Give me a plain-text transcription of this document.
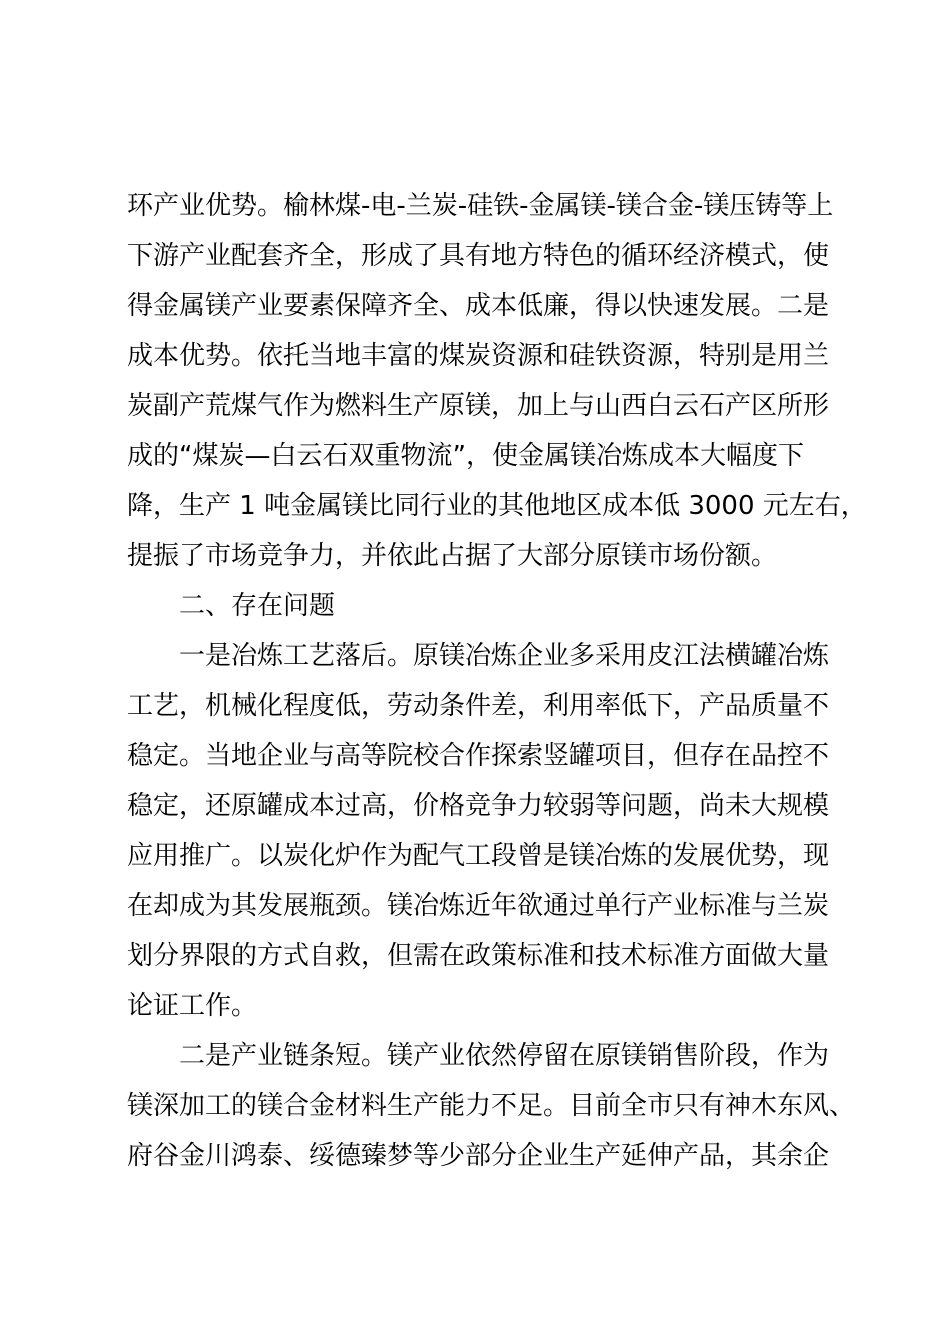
环产业优势。榆林煤-电-兰炭-硅铁-金属镁-镁合金-镁压铸等上
下游产业配套齐全，形成了具有地方特色的循环经济模式，使
得金属镁产业要素保障齐全、成本低廉，得以快速发展。二是
成本优势。依托当地丰富的煤炭资源和硅铁资源，特别是用兰
炭副产荒煤气作为燃料生产原镁，加上与山西白云石产区所形
成的“煤炭—白云石双重物流”，使金属镁冶炼成本大幅度下
降，生产 1 吨金属镁比同行业的其他地区成本低 3000 元左右，
提振了市场竞争力，并依此占据了大部分原镁市场份额。
二、存在问题
一是冶炼工艺落后。原镁冶炼企业多采用皮江法横罐冶炼
工艺，机械化程度低，劳动条件差，利用率低下，产品质量不
稳定。当地企业与高等院校合作探索竖罐项目，但存在品控不
稳定，还原罐成本过高，价格竞争力较弱等问题，尚未大规模
应用推广。以炭化炉作为配气工段曾是镁冶炼的发展优势，现
在却成为其发展瓶颈。镁冶炼近年欲通过单行产业标准与兰炭
划分界限的方式自救，但需在政策标准和技术标准方面做大量
论证工作。
二是产业链条短。镁产业依然停留在原镁销售阶段，作为
镁深加工的镁合金材料生产能力不足。目前全市只有神木东风、
府谷金川鸿泰、绥德臻梦等少部分企业生产延伸产品，其余企
